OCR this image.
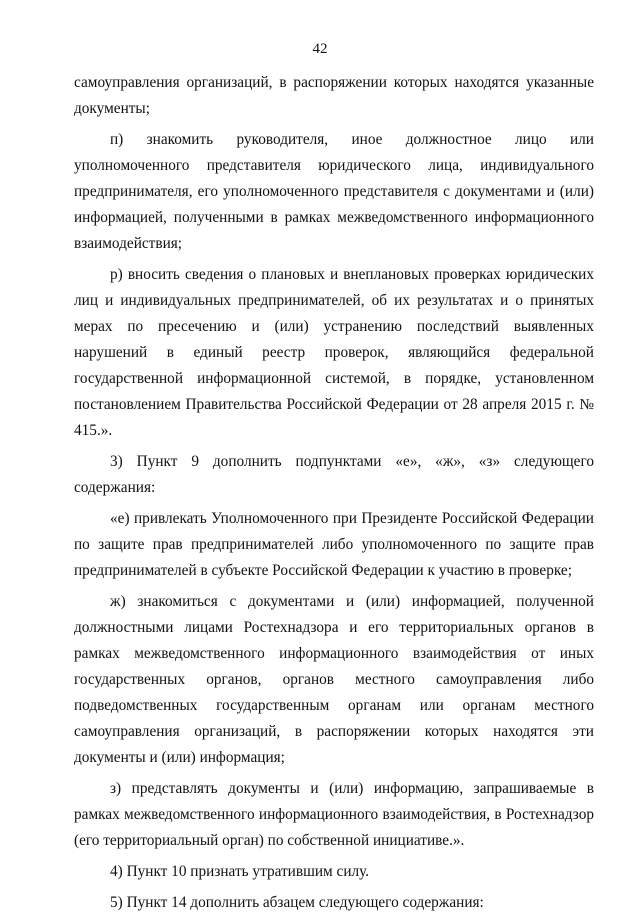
42

самоуправления организаций, в распоряжении которых находятся указанные документы;

п) знакомить руководителя, иное должностное лицо или уполномоченного представителя юридического лица, индивидуального предпринимателя, его уполномоченного представителя с документами и (или) информацией, полученными в рамках межведомственного информационного взаимодействия;

р) вносить сведения о плановых и внеплановых проверках юридических лиц и индивидуальных предпринимателей, об их результатах и о принятых мерах по пресечению и (или) устранению последствий выявленных нарушений в единый реестр проверок, являющийся федеральной государственной информационной системой, в порядке, установленном постановлением Правительства Российской Федерации от 28 апреля 2015 г. № 415.».

3) Пункт 9 дополнить подпунктами «е», «ж», «з» следующего содержания:

«е) привлекать Уполномоченного при Президенте Российской Федерации по защите прав предпринимателей либо уполномоченного по защите прав предпринимателей в субъекте Российской Федерации к участию в проверке;

ж) знакомиться с документами и (или) информацией, полученной должностными лицами Ростехнадзора и его территориальных органов в рамках межведомственного информационного взаимодействия от иных государственных органов, органов местного самоуправления либо подведомственных государственным органам или органам местного самоуправления организаций, в распоряжении которых находятся эти документы и (или) информация;

з) представлять документы и (или) информацию, запрашиваемые в рамках межведомственного информационного взаимодействия, в Ростехнадзор (его территориальный орган) по собственной инициативе.».

4) Пункт 10 признать утратившим силу.

5) Пункт 14 дополнить абзацем следующего содержания:
